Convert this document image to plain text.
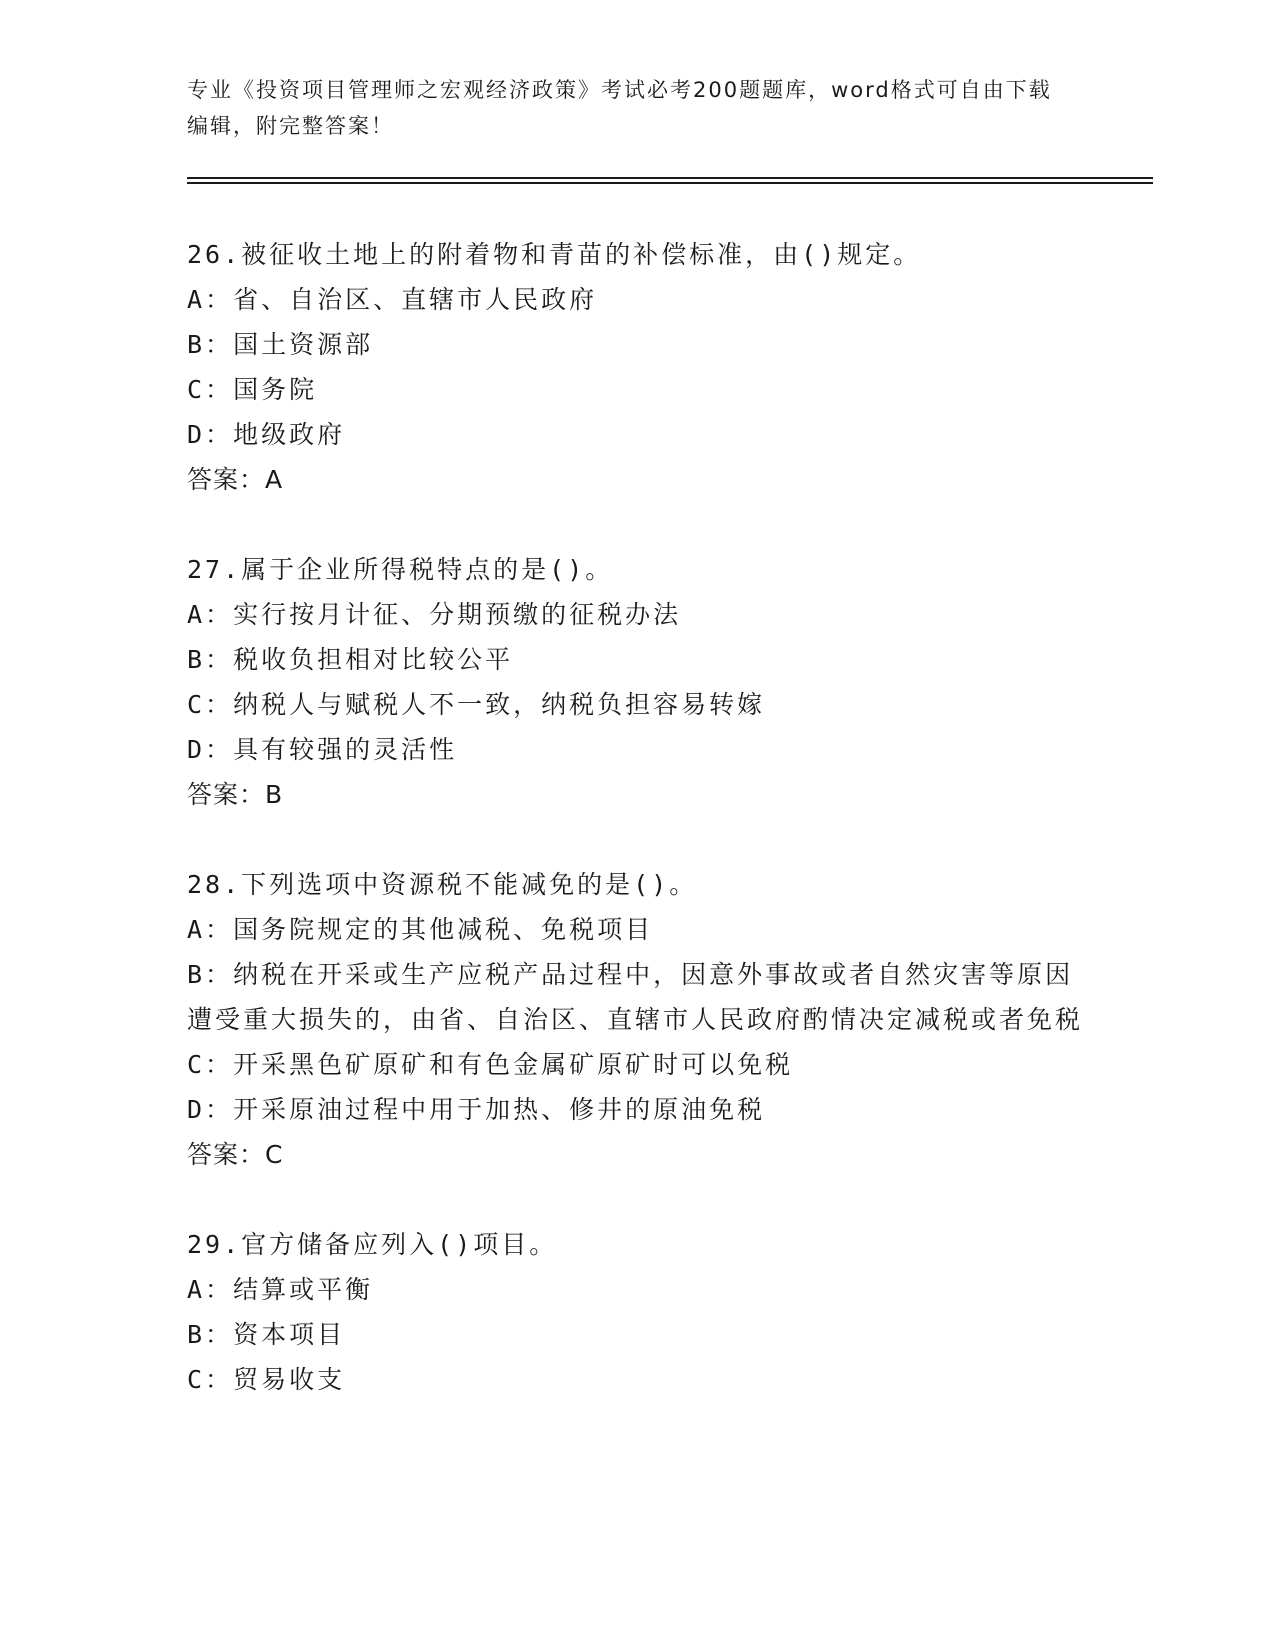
专业《投资项目管理师之宏观经济政策》考试必考200题题库，word格式可自由下载编辑，附完整答案！
26.被征收土地上的附着物和青苗的补偿标准，由()规定。
A： 省、自治区、直辖市人民政府
B： 国土资源部
C： 国务院
D： 地级政府
答案：A
27.属于企业所得税特点的是()。
A： 实行按月计征、分期预缴的征税办法
B： 税收负担相对比较公平
C： 纳税人与赋税人不一致，纳税负担容易转嫁
D： 具有较强的灵活性
答案：B
28.下列选项中资源税不能减免的是()。
A： 国务院规定的其他减税、免税项目
B：纳税在开采或生产应税产品过程中，因意外事故或者自然灾害等原因遭受重大损失的，由省、自治区、直辖市人民政府酌情决定减税或者免税
C： 开采黑色矿原矿和有色金属矿原矿时可以免税
D： 开采原油过程中用于加热、修井的原油免税
答案：C
29.官方储备应列入()项目。
A： 结算或平衡
B： 资本项目
C： 贸易收支
